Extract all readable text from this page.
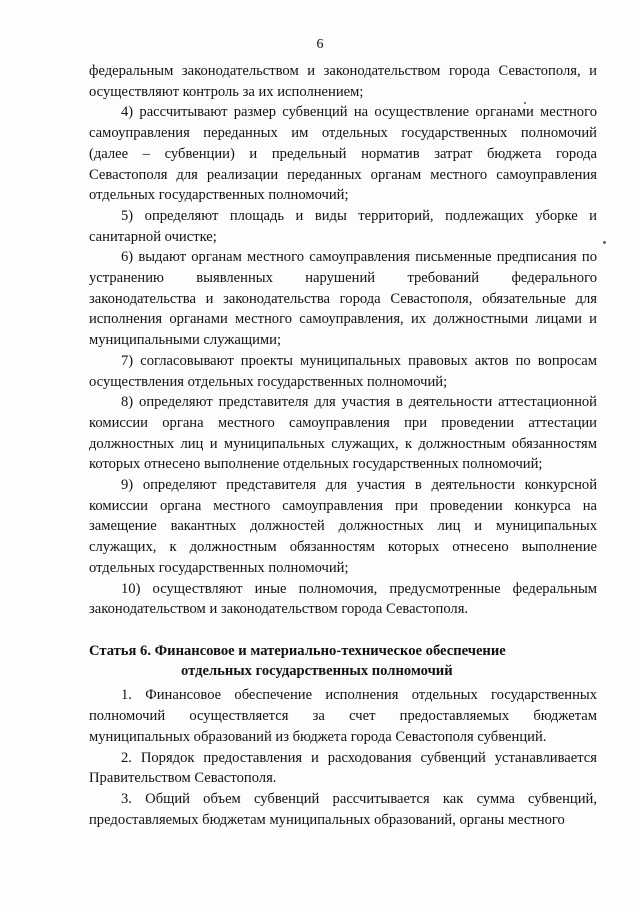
6
федеральным законодательством и законодательством города Севастополя, и
осуществляют контроль за их исполнением;
4) рассчитывают размер субвенций на осуществление органами местного
самоуправления переданных им отдельных государственных полномочий
(далее – субвенции) и предельный норматив затрат бюджета города
Севастополя для реализации переданных органам местного самоуправления
отдельных государственных полномочий;
5) определяют площадь и виды территорий, подлежащих уборке и
санитарной очистке;
6) выдают органам местного самоуправления письменные предписания по
устранению выявленных нарушений требований федерального
законодательства и законодательства города Севастополя, обязательные для
исполнения органами местного самоуправления, их должностными лицами и
муниципальными служащими;
7) согласовывают проекты муниципальных правовых актов по вопросам
осуществления отдельных государственных полномочий;
8) определяют представителя для участия в деятельности аттестационной
комиссии органа местного самоуправления при проведении аттестации
должностных лиц и муниципальных служащих, к должностным обязанностям
которых отнесено выполнение отдельных государственных полномочий;
9) определяют представителя для участия в деятельности конкурсной
комиссии органа местного самоуправления при проведении конкурса на
замещение вакантных должностей должностных лиц и муниципальных
служащих, к должностным обязанностям которых отнесено выполнение
отдельных государственных полномочий;
10) осуществляют иные полномочия, предусмотренные федеральным
законодательством и законодательством города Севастополя.
Статья 6. Финансовое и материально-техническое обеспечение
отдельных государственных полномочий
1. Финансовое обеспечение исполнения отдельных государственных
полномочий осуществляется за счет предоставляемых бюджетам
муниципальных образований из бюджета города Севастополя субвенций.
2. Порядок предоставления и расходования субвенций устанавливается
Правительством Севастополя.
3. Общий объем субвенций рассчитывается как сумма субвенций,
предоставляемых бюджетам муниципальных образований, органы местного
